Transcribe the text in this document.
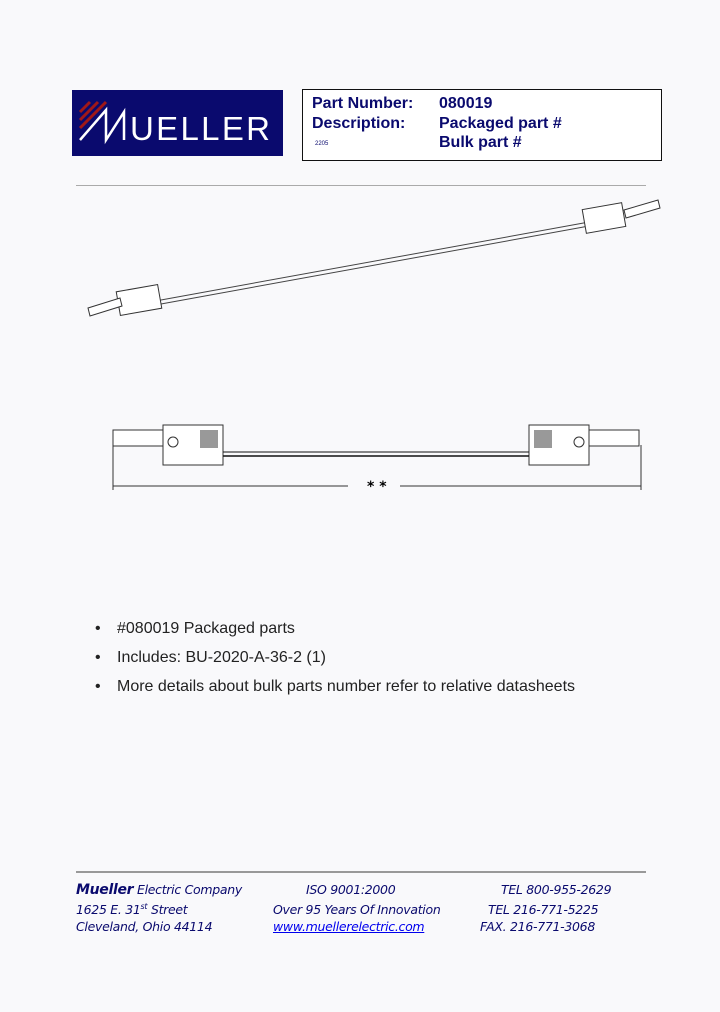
UELLER
Part Number: 080019
Description: Packaged part #
2205	Bulk part #
* *
•	#080019 Packaged parts
•	Includes: BU-2020-A-36-2 (1)
•	More details about bulk parts number refer to relative datasheets
Mueller Electric Company
1625 E. 31st Street
Cleveland, Ohio 44114
ISO 9001:2000
Over 95 Years Of Innovation
www.muellerelectric.com
TEL 800-955-2629
TEL 216-771-5225
FAX. 216-771-3068
